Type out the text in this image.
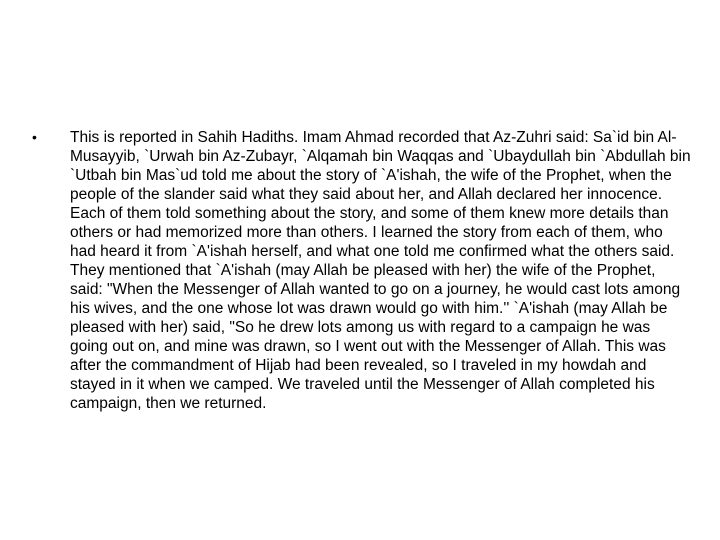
•	This is reported in Sahih Hadiths. Imam Ahmad recorded that Az-Zuhri said: Sa`id bin Al-Musayyib, `Urwah bin Az-Zubayr, `Alqamah bin Waqqas and `Ubaydullah bin `Abdullah bin `Utbah bin Mas`ud told me about the story of `A'ishah, the wife of the Prophet, when the people of the slander said what they said about her, and Allah declared her innocence. Each of them told something about the story, and some of them knew more details than others or had memorized more than others. I learned the story from each of them, who had heard it from `A'ishah herself, and what one told me confirmed what the others said. They mentioned that `A'ishah (may Allah be pleased with her) the wife of the Prophet, said: "When the Messenger of Allah wanted to go on a journey, he would cast lots among his wives, and the one whose lot was drawn would go with him.'' `A'ishah (may Allah be pleased with her) said, "So he drew lots among us with regard to a campaign he was going out on, and mine was drawn, so I went out with the Messenger of Allah. This was after the commandment of Hijab had been revealed, so I traveled in my howdah and stayed in it when we camped. We traveled until the Messenger of Allah completed his campaign, then we returned.
